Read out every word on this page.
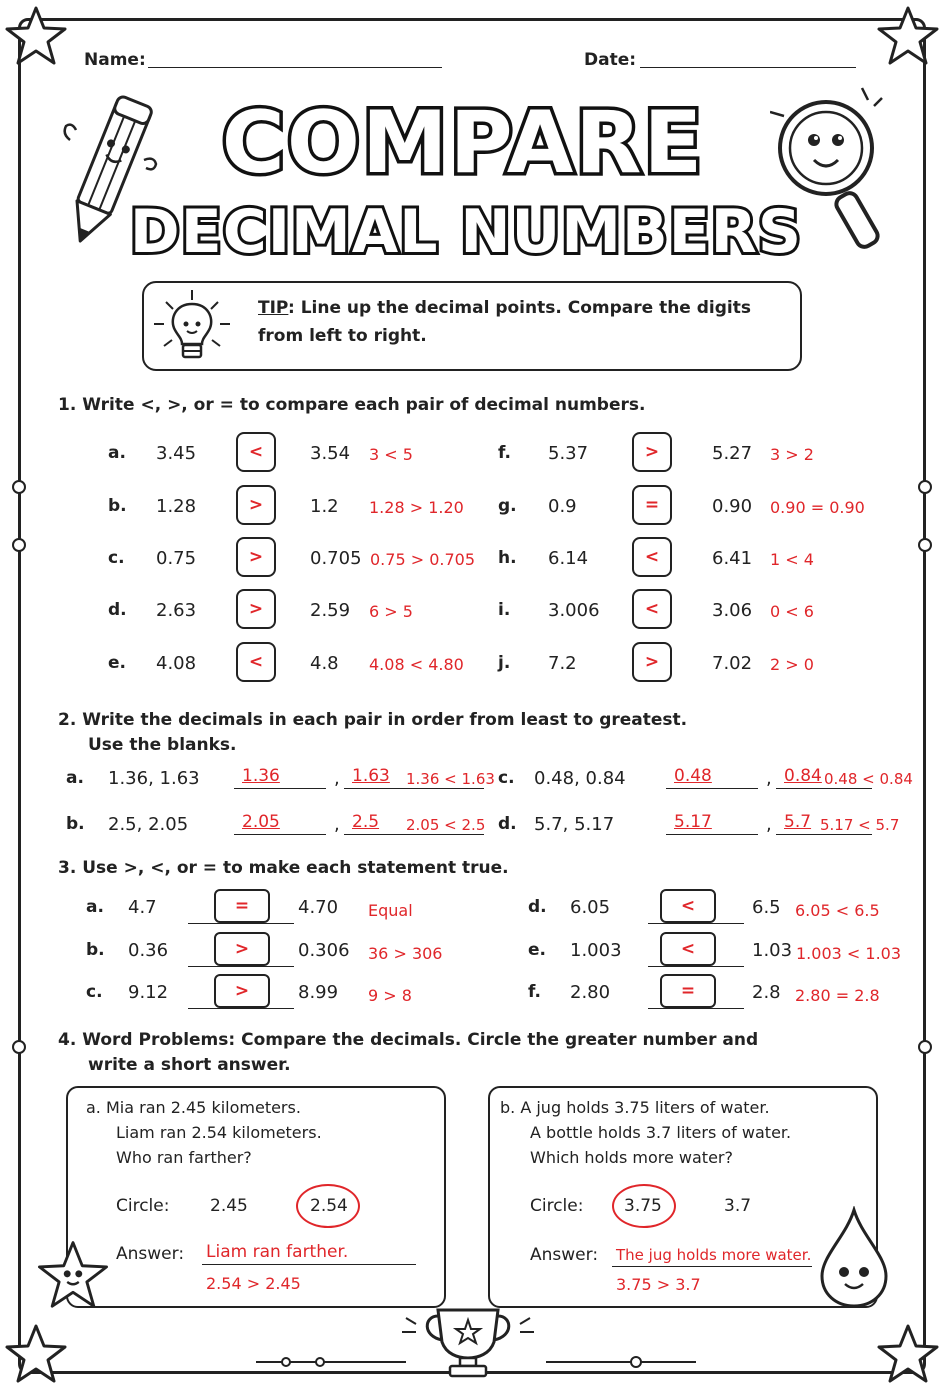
Name:	Date:
COMPARE
DECIMAL NUMBERS
TIP : Line up the decimal points. Compare the digits
from left to right.
1. Write <, >, or = to compare each pair of decimal numbers.
a. 3.45	<	3.54 3 < 5
b. 1.28	>	1.2 1.28 > 1.20
c. 0.75	>	0.705 0.75 > 0.705
d. 2.63	>	2.59 6 > 5
e. 4.08	<	4.8 4.08 < 4.80
f. 5.37	>	5.27 3 > 2
g. 0.9	=	0.90 0.90 = 0.90
h. 6.14	<	6.41 1 < 4
i. 3.006	<	3.06 0 < 6
j. 7.2	>	7.02 2 > 0
2. Write the decimals in each pair in order from least to greatest.
Use the blanks.
a. 1.36, 1.63 1.36	, 1.63 1.36 < 1.63
b. 2.5, 2.05	2.05	, 2.5 2.05 < 2.5
c. 0.48, 0.84	0.48	, 0.84 0.48 < 0.84
d. 5.7, 5.17	5.17	, 5.7 5.17 < 5.7
3. Use >, <, or = to make each statement true.
a. 4.7	=	4.70 Equal
b. 0.36	>	0.306 36 > 306
c. 9.12	>	8.99 9 > 8
d. 6.05	<	6.5 6.05 < 6.5
e. 1.003	<	1.03 1.003 < 1.03
f. 2.80	=	2.8 2.80 = 2.8
4. Word Problems: Compare the decimals. Circle the greater number and
write a short answer.
a. Mia ran 2.45 kilometers.
Liam ran 2.54 kilometers.
Who ran farther?
Circle: 2.45	2.54
Answer: Liam ran farther.
2.54 > 2.45
b. A jug holds 3.75 liters of water.
A bottle holds 3.7 liters of water.
Which holds more water?
Circle: 3.75	3.7
Answer: The jug holds more water.
3.75 > 3.7
